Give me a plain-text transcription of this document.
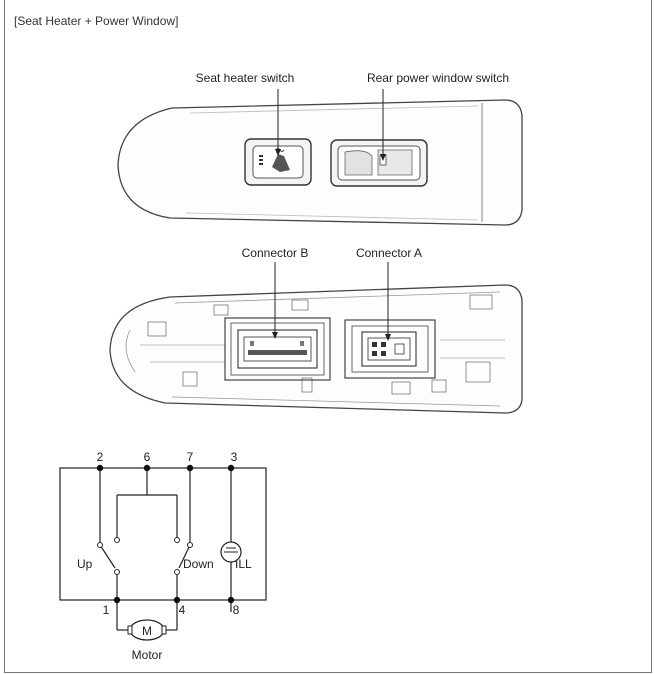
[Seat Heater + Power Window]
Seat heater switch	Rear power window switch
Connector B	Connector A
M
2	6	7	3
1	4	8
Up	Down ILL
Motor
